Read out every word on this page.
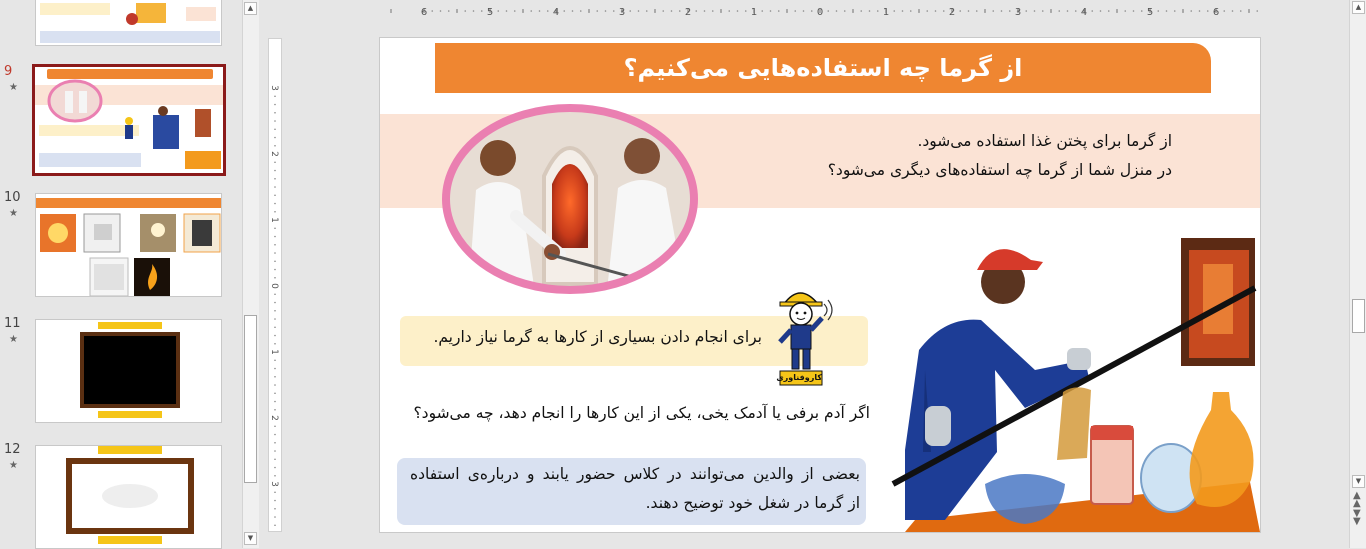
9
★
10
★
11
★
12
★
▲
▼
6	5	4	3	2	1	0	1	2	3	4	5	6
3
2
1
0
1
2
3
از گرما چه استفاده‌هایی می‌کنیم؟
از گرما برای پختن غذا استفاده می‌شود.
در منزل شما از گرما چه استفاده‌های دیگری می‌شود؟
برای انجام دادن بسیاری از کارها به گرما نیاز داریم.
کاروفناوری
اگر آدم برفی یا آدمک یخی، یکی از این کارها را انجام دهد، چه می‌شود؟
بعضی از والدین می‌توانند در کلاس حضور یابند و درباره‌ی استفاده
از گرما در شغل خود توضیح دهند.
▲
▼
▲
▲
▼
▼
